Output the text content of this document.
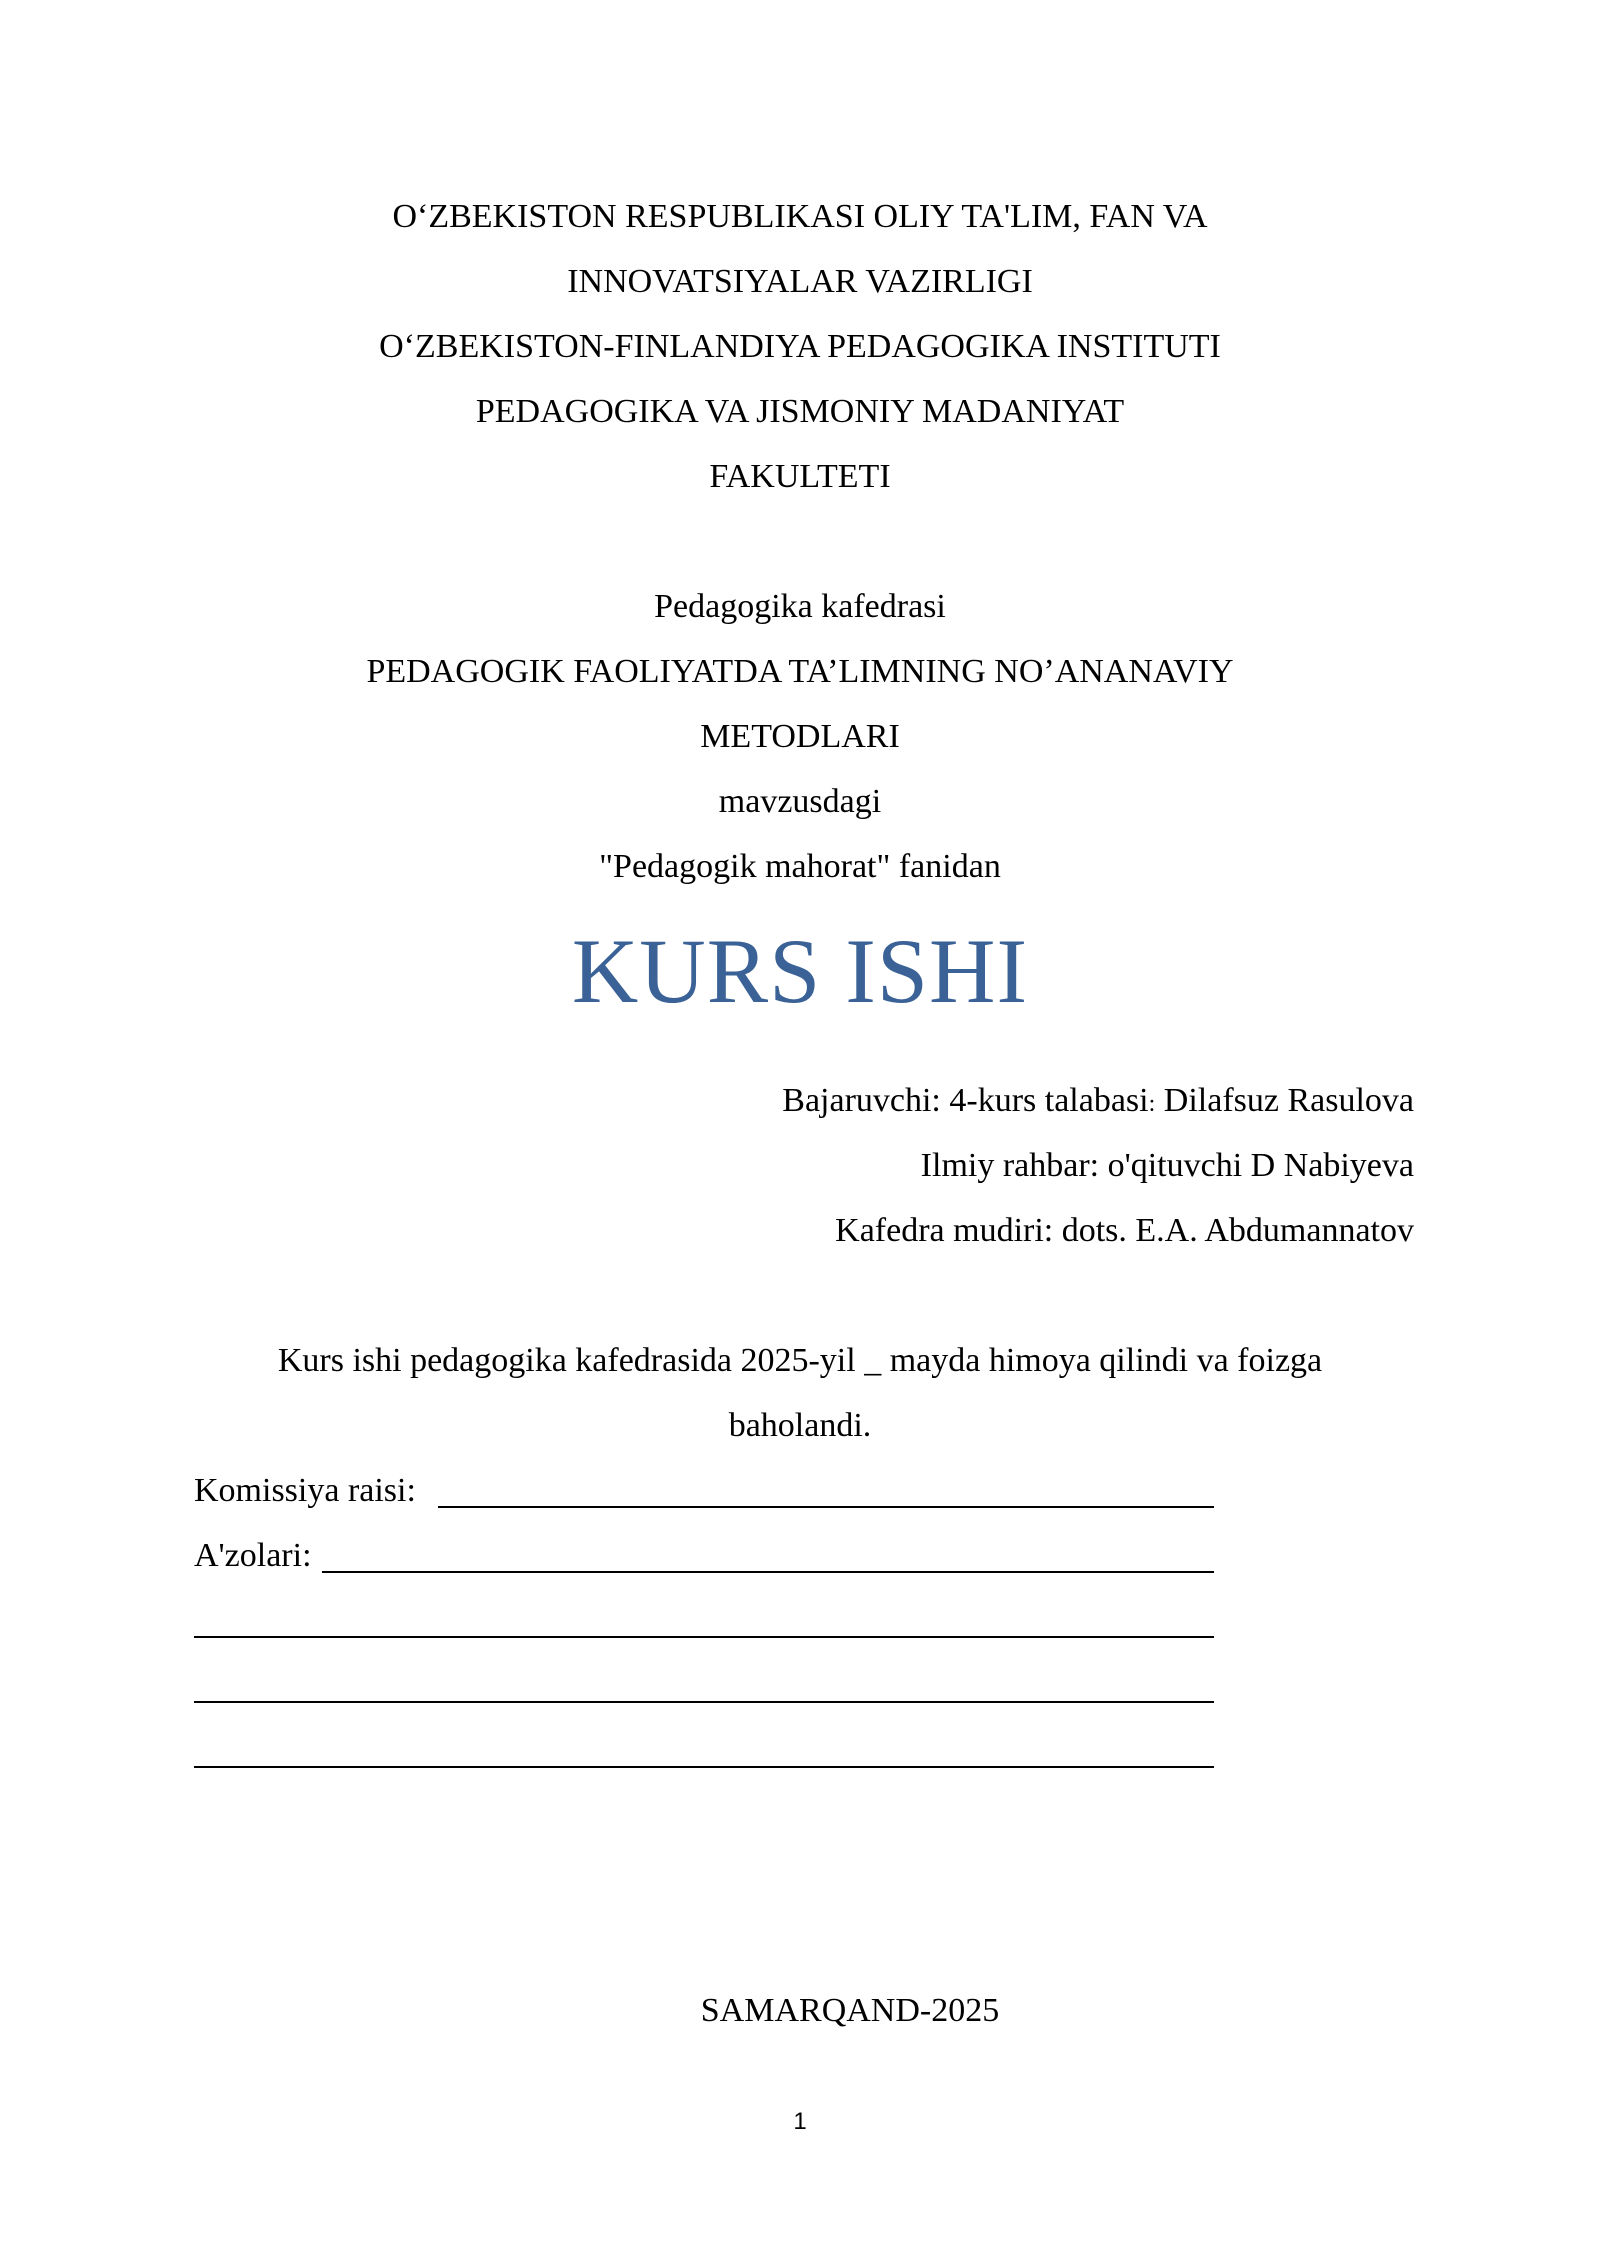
O‘ZBEKISTON RESPUBLIKASI OLIY TA'LIM, FAN VA
INNOVATSIYALAR VAZIRLIGI
O‘ZBEKISTON-FINLANDIYA PEDAGOGIKA INSTITUTI
PEDAGOGIKA VA JISMONIY MADANIYAT
FAKULTETI
Pedagogika kafedrasi
PEDAGOGIK FAOLIYATDA TA’LIMNING NO’ANANAVIY
METODLARI
mavzusdagi
"Pedagogik mahorat" fanidan
KURS ISHI
Bajaruvchi: 4-kurs talabasi: Dilafsuz Rasulova
Ilmiy rahbar: o'qituvchi D Nabiyeva
Kafedra mudiri: dots. E.A. Abdumannatov
Kurs ishi pedagogika kafedrasida 2025-yil _ mayda himoya qilindi va foizga
baholandi.
Komissiya raisi:
A'zolari:
SAMARQAND-2025
1
